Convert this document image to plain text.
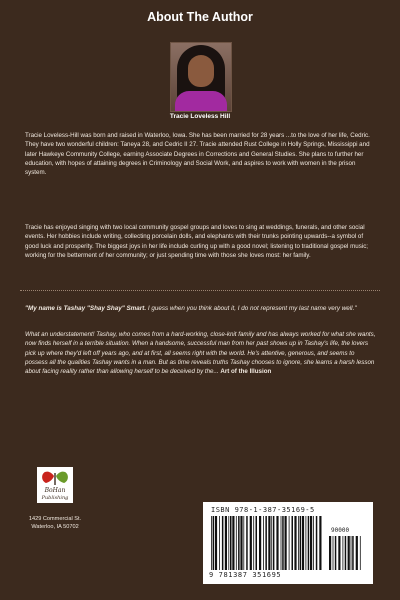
About The Author
Tracie Loveless Hill

Tracie Loveless-Hill was born and raised in Waterloo, Iowa. She has been married for 28 years ...to the love of her life, Cedric. They have two wonderful children: Taneya 28, and Cedric II 27. Tracie attended Rust College in Holly Springs, Mississippi and later Hawkeye Community College, earning Associate Degrees in Corrections and General Studies. She plans to further her education, with hopes of attaining degrees in Criminology and Social Work, and aspires to work with women in the prison system.

Tracie has enjoyed singing with two local community gospel groups and loves to sing at weddings, funerals, and other social events. Her hobbies include writing, collecting porcelain dolls, and elephants with their trunks pointing upwards--a symbol of good luck and prosperity. The biggest joys in her life include curling up with a good novel; listening to traditional gospel music; working for the betterment of her community; or just spending time with those she loves most: her family.

"My name is Tashay "Shay Shay" Smart. I guess when you think about it, I do not represent my last name very well."

What an understatement! Tashay, who comes from a hard-working, close-knit family and has always worked for what she wants, now finds herself in a terrible situation. When a handsome, successful man from her past shows up in Tashay's life, the lovers pick up where they'd left off years ago, and at first, all seems right with the world. He's attentive, generous, and seems to possess all the qualities Tashay wants in a man. But as time reveals truths Tashay chooses to ignore, she learns a harsh lesson about facing reality rather than allowing herself to be deceived by the... Art of the Illusion

BoHan
Publishing
1429 Commercial St.
Waterloo, IA 50702
ISBN 978-1-387-35169-5
90000
9 781387 351695
